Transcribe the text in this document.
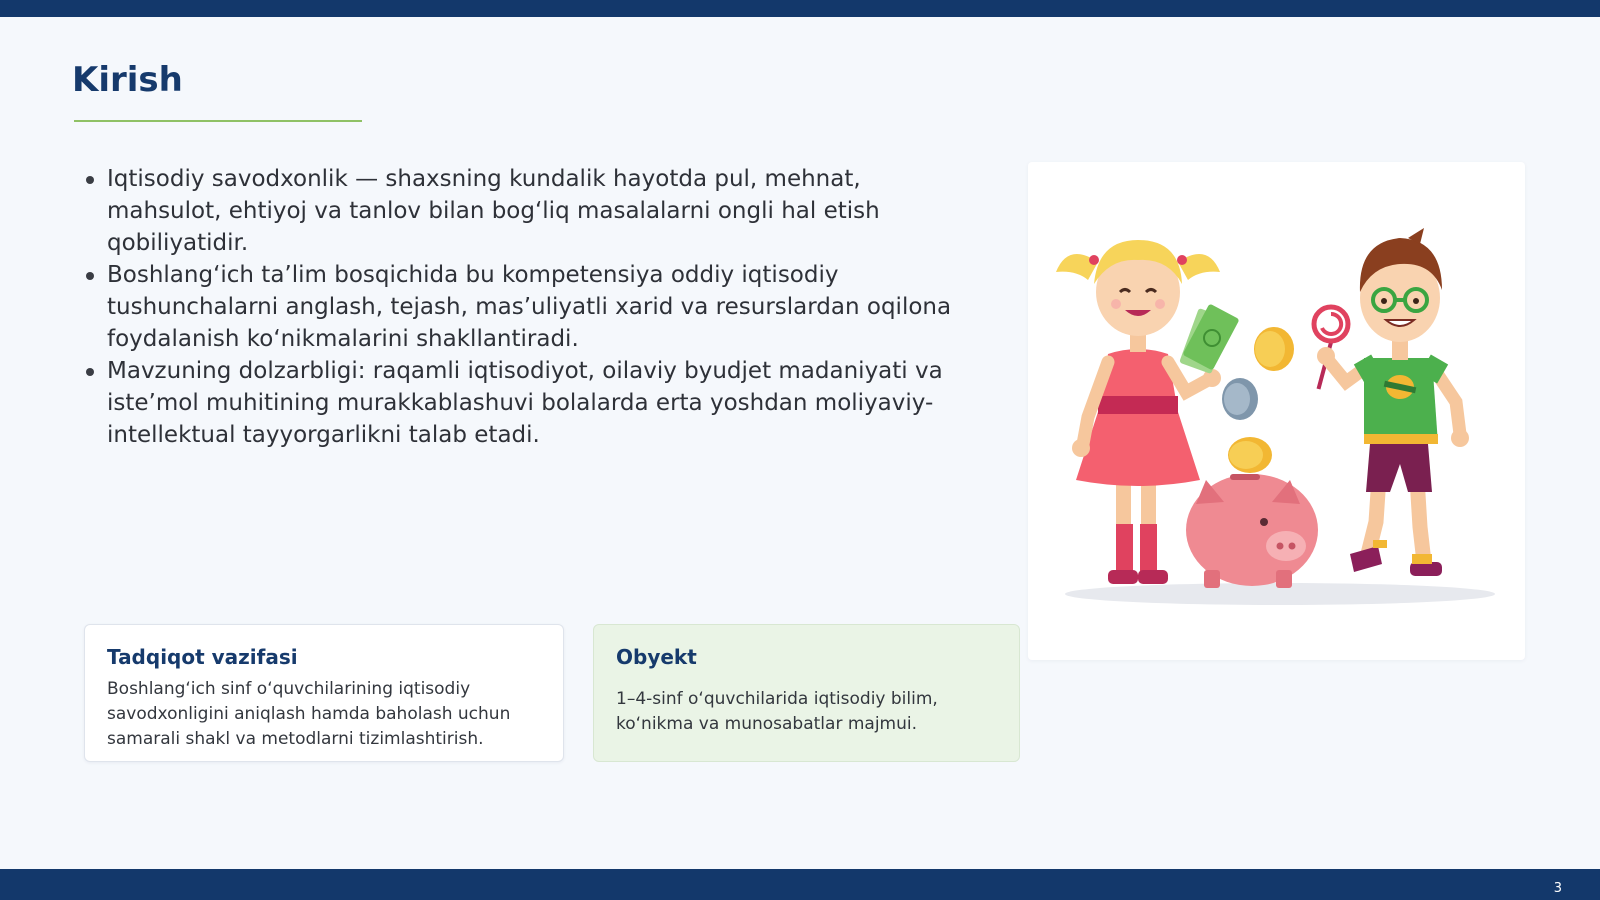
Kirish
Iqtisodiy savodxonlik — shaxsning kundalik hayotda pul, mehnat, mahsulot, ehtiyoj va tanlov bilan bog‘liq masalalarni ongli hal etish qobiliyatidir.
Boshlang‘ich ta’lim bosqichida bu kompetensiya oddiy iqtisodiy tushunchalarni anglash, tejash, mas’uliyatli xarid va resurslardan oqilona foydalanish ko‘nikmalarini shakllantiradi.
Mavzuning dolzarbligi: raqamli iqtisodiyot, oilaviy byudjet madaniyati va iste’mol muhitining murakkablashuvi bolalarda erta yoshdan moliyaviy-intellektual tayyorgarlikni talab etadi.
Tadqiqot vazifasi

Boshlang‘ich sinf o‘quvchilarining iqtisodiy savodxonligini aniqlash hamda baholash uchun samarali shakl va metodlarni tizimlashtirish.

Obyekt

1–4-sinf o‘quvchilarida iqtisodiy bilim, ko‘nikma va munosabatlar majmui.

3
